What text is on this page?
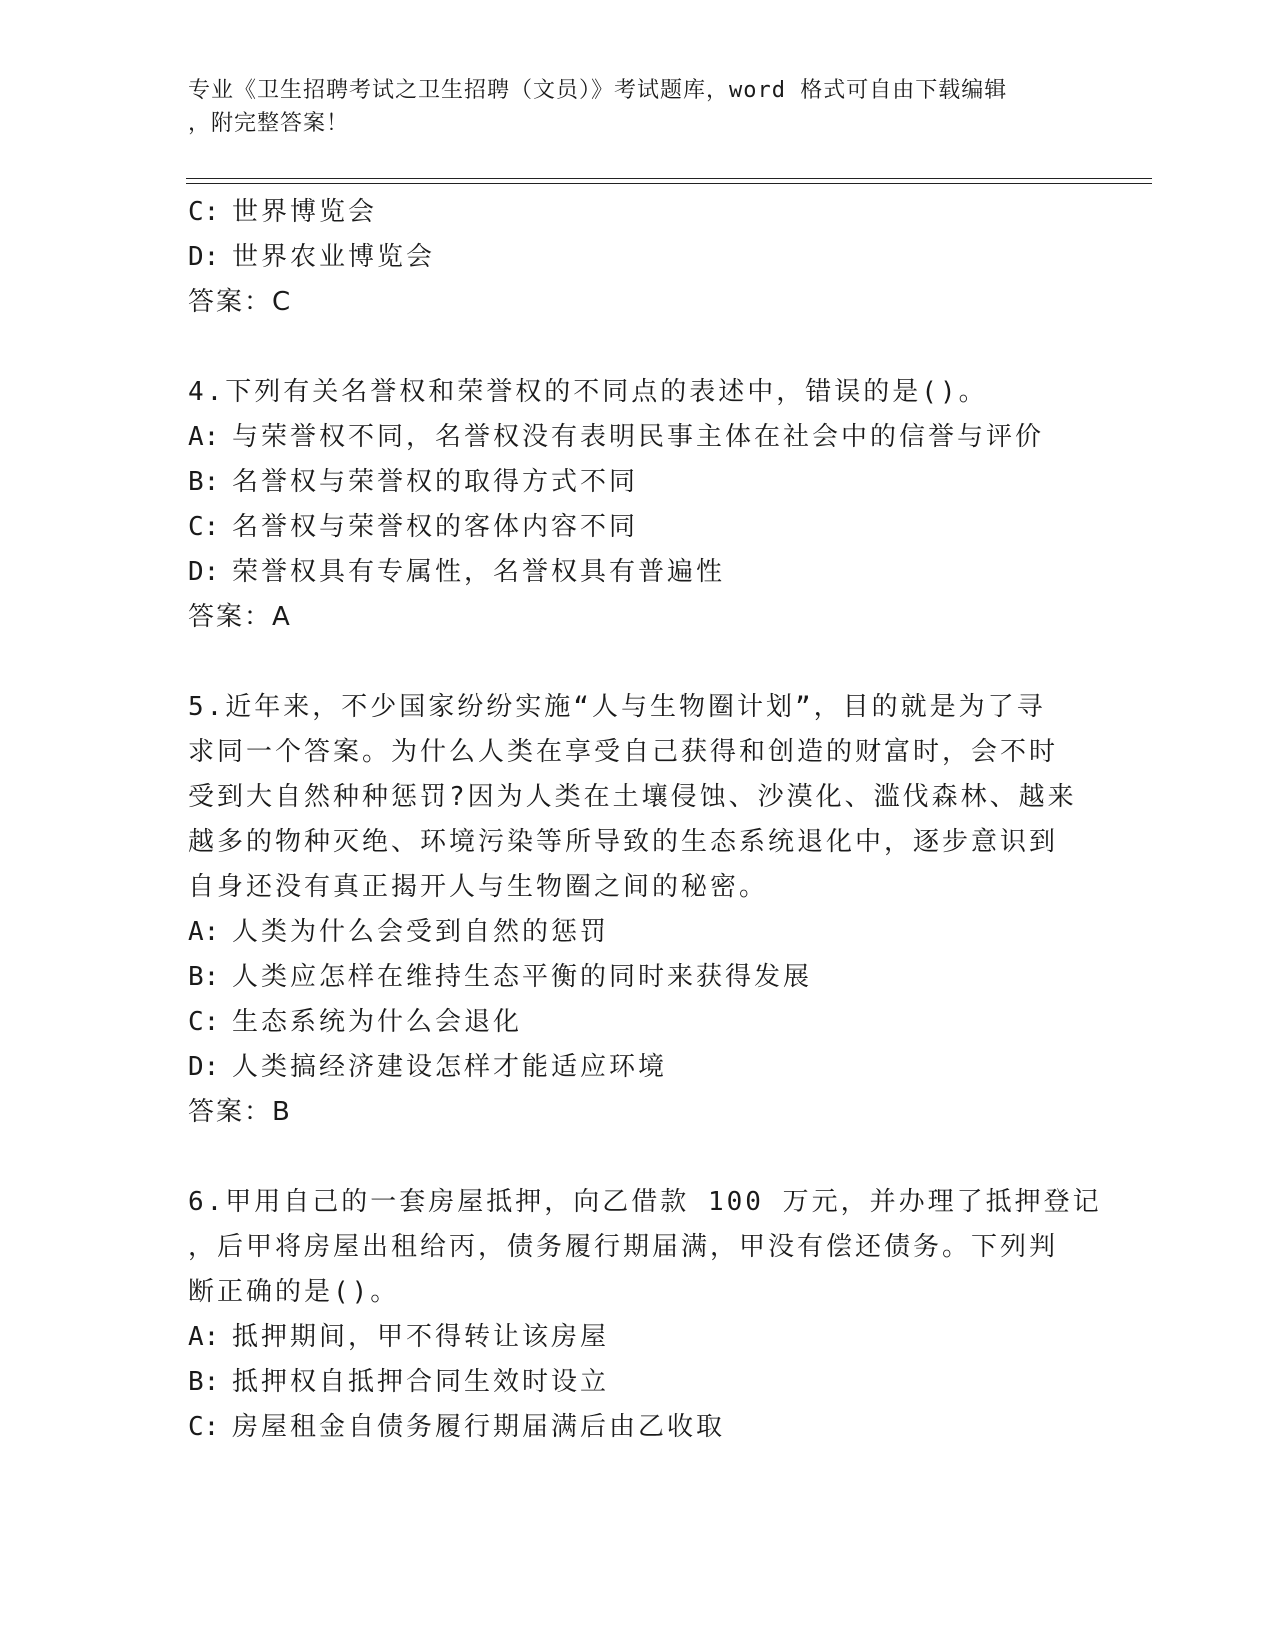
专业《卫生招聘考试之卫生招聘（文员）》考试题库，word 格式可自由下载编辑
，附完整答案！
C: 世界博览会
D: 世界农业博览会
答案：C
4.下列有关名誉权和荣誉权的不同点的表述中，错误的是()。
A: 与荣誉权不同，名誉权没有表明民事主体在社会中的信誉与评价
B: 名誉权与荣誉权的取得方式不同
C: 名誉权与荣誉权的客体内容不同
D: 荣誉权具有专属性，名誉权具有普遍性
答案：A
5.近年来，不少国家纷纷实施“人与生物圈计划”，目的就是为了寻
求同一个答案。为什么人类在享受自己获得和创造的财富时，会不时
受到大自然种种惩罚?因为人类在土壤侵蚀、沙漠化、滥伐森林、越来
越多的物种灭绝、环境污染等所导致的生态系统退化中，逐步意识到
自身还没有真正揭开人与生物圈之间的秘密。
A: 人类为什么会受到自然的惩罚
B: 人类应怎样在维持生态平衡的同时来获得发展
C: 生态系统为什么会退化
D: 人类搞经济建设怎样才能适应环境
答案：B
6.甲用自己的一套房屋抵押，向乙借款 100 万元，并办理了抵押登记
，后甲将房屋出租给丙，债务履行期届满，甲没有偿还债务。下列判
断正确的是()。
A: 抵押期间，甲不得转让该房屋
B: 抵押权自抵押合同生效时设立
C: 房屋租金自债务履行期届满后由乙收取
